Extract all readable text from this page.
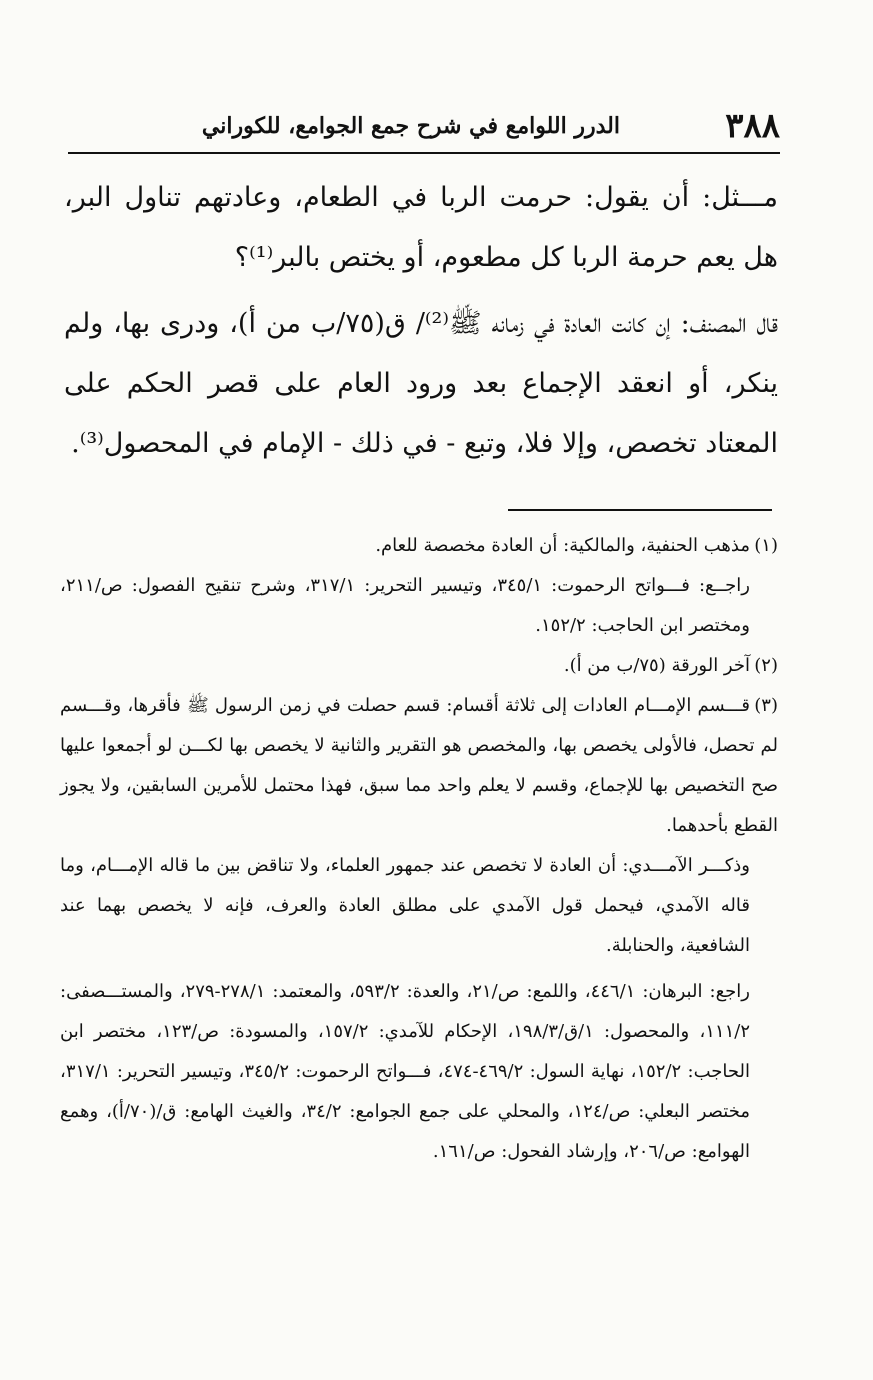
٣٨٨
الدرر اللوامع في شرح جمع الجوامع، للكوراني

مـــثل: أن يقول: حرمت الربا في الطعام، وعادتهم تناول البر، هل يعم حرمة الربا كل مطعوم، أو يختص بالبر⁽¹⁾؟

قال المصنف: إن كانت العادة في زمانه ﷺ⁽²⁾/ ق(٧٥/ب من أ)، ودرى بها، ولم ينكر، أو انعقد الإجماع بعد ورود العام على قصر الحكم على المعتاد تخصص، وإلا فلا، وتبع - في ذلك - الإمام في المحصول⁽³⁾.

(١)مذهب الحنفية، والمالكية: أن العادة مخصصة للعام.

راجــع: فـــواتح الرحموت: ٣٤٥/١، وتيسير التحرير: ٣١٧/١، وشرح تنقيح الفصول: ص/٢١١، ومختصر ابن الحاجب: ١٥٢/٢.

(٢)آخر الورقة (٧٥/ب من أ).

(٣)قـــسم الإمـــام العادات إلى ثلاثة أقسام: قسم حصلت في زمن الرسول ﷺ فأقرها، وقـــسم لم تحصل، فالأولى يخصص بها، والمخصص هو التقرير والثانية لا يخصص بها لكـــن لو أجمعوا عليها صح التخصيص بها للإجماع، وقسم لا يعلم واحد مما سبق، فهذا محتمل للأمرين السابقين، ولا يجوز القطع بأحدهما.

وذكـــر الآمـــدي: أن العادة لا تخصص عند جمهور العلماء، ولا تناقض بين ما قاله الإمـــام، وما قاله الآمدي، فيحمل قول الآمدي على مطلق العادة والعرف، فإنه لا يخصص بهما عند الشافعية، والحنابلة.

راجع: البرهان: ٤٤٦/١، واللمع: ص/٢١، والعدة: ٥٩٣/٢، والمعتمد: ٢٧٨/١-٢٧٩، والمستـــصفى: ١١١/٢، والمحصول: ١/ق/١٩٨/٣، الإحكام للآمدي: ١٥٧/٢، والمسودة: ص/١٢٣، مختصر ابن الحاجب: ١٥٢/٢، نهاية السول: ٤٦٩/٢-٤٧٤، فـــواتح الرحموت: ٣٤٥/٢، وتيسير التحرير: ٣١٧/١، مختصر البعلي: ص/١٢٤، والمحلي على جمع الجوامع: ٣٤/٢، والغيث الهامع: ق/(٧٠/أ)، وهمع الهوامع: ص/٢٠٦، وإرشاد الفحول: ص/١٦١.
